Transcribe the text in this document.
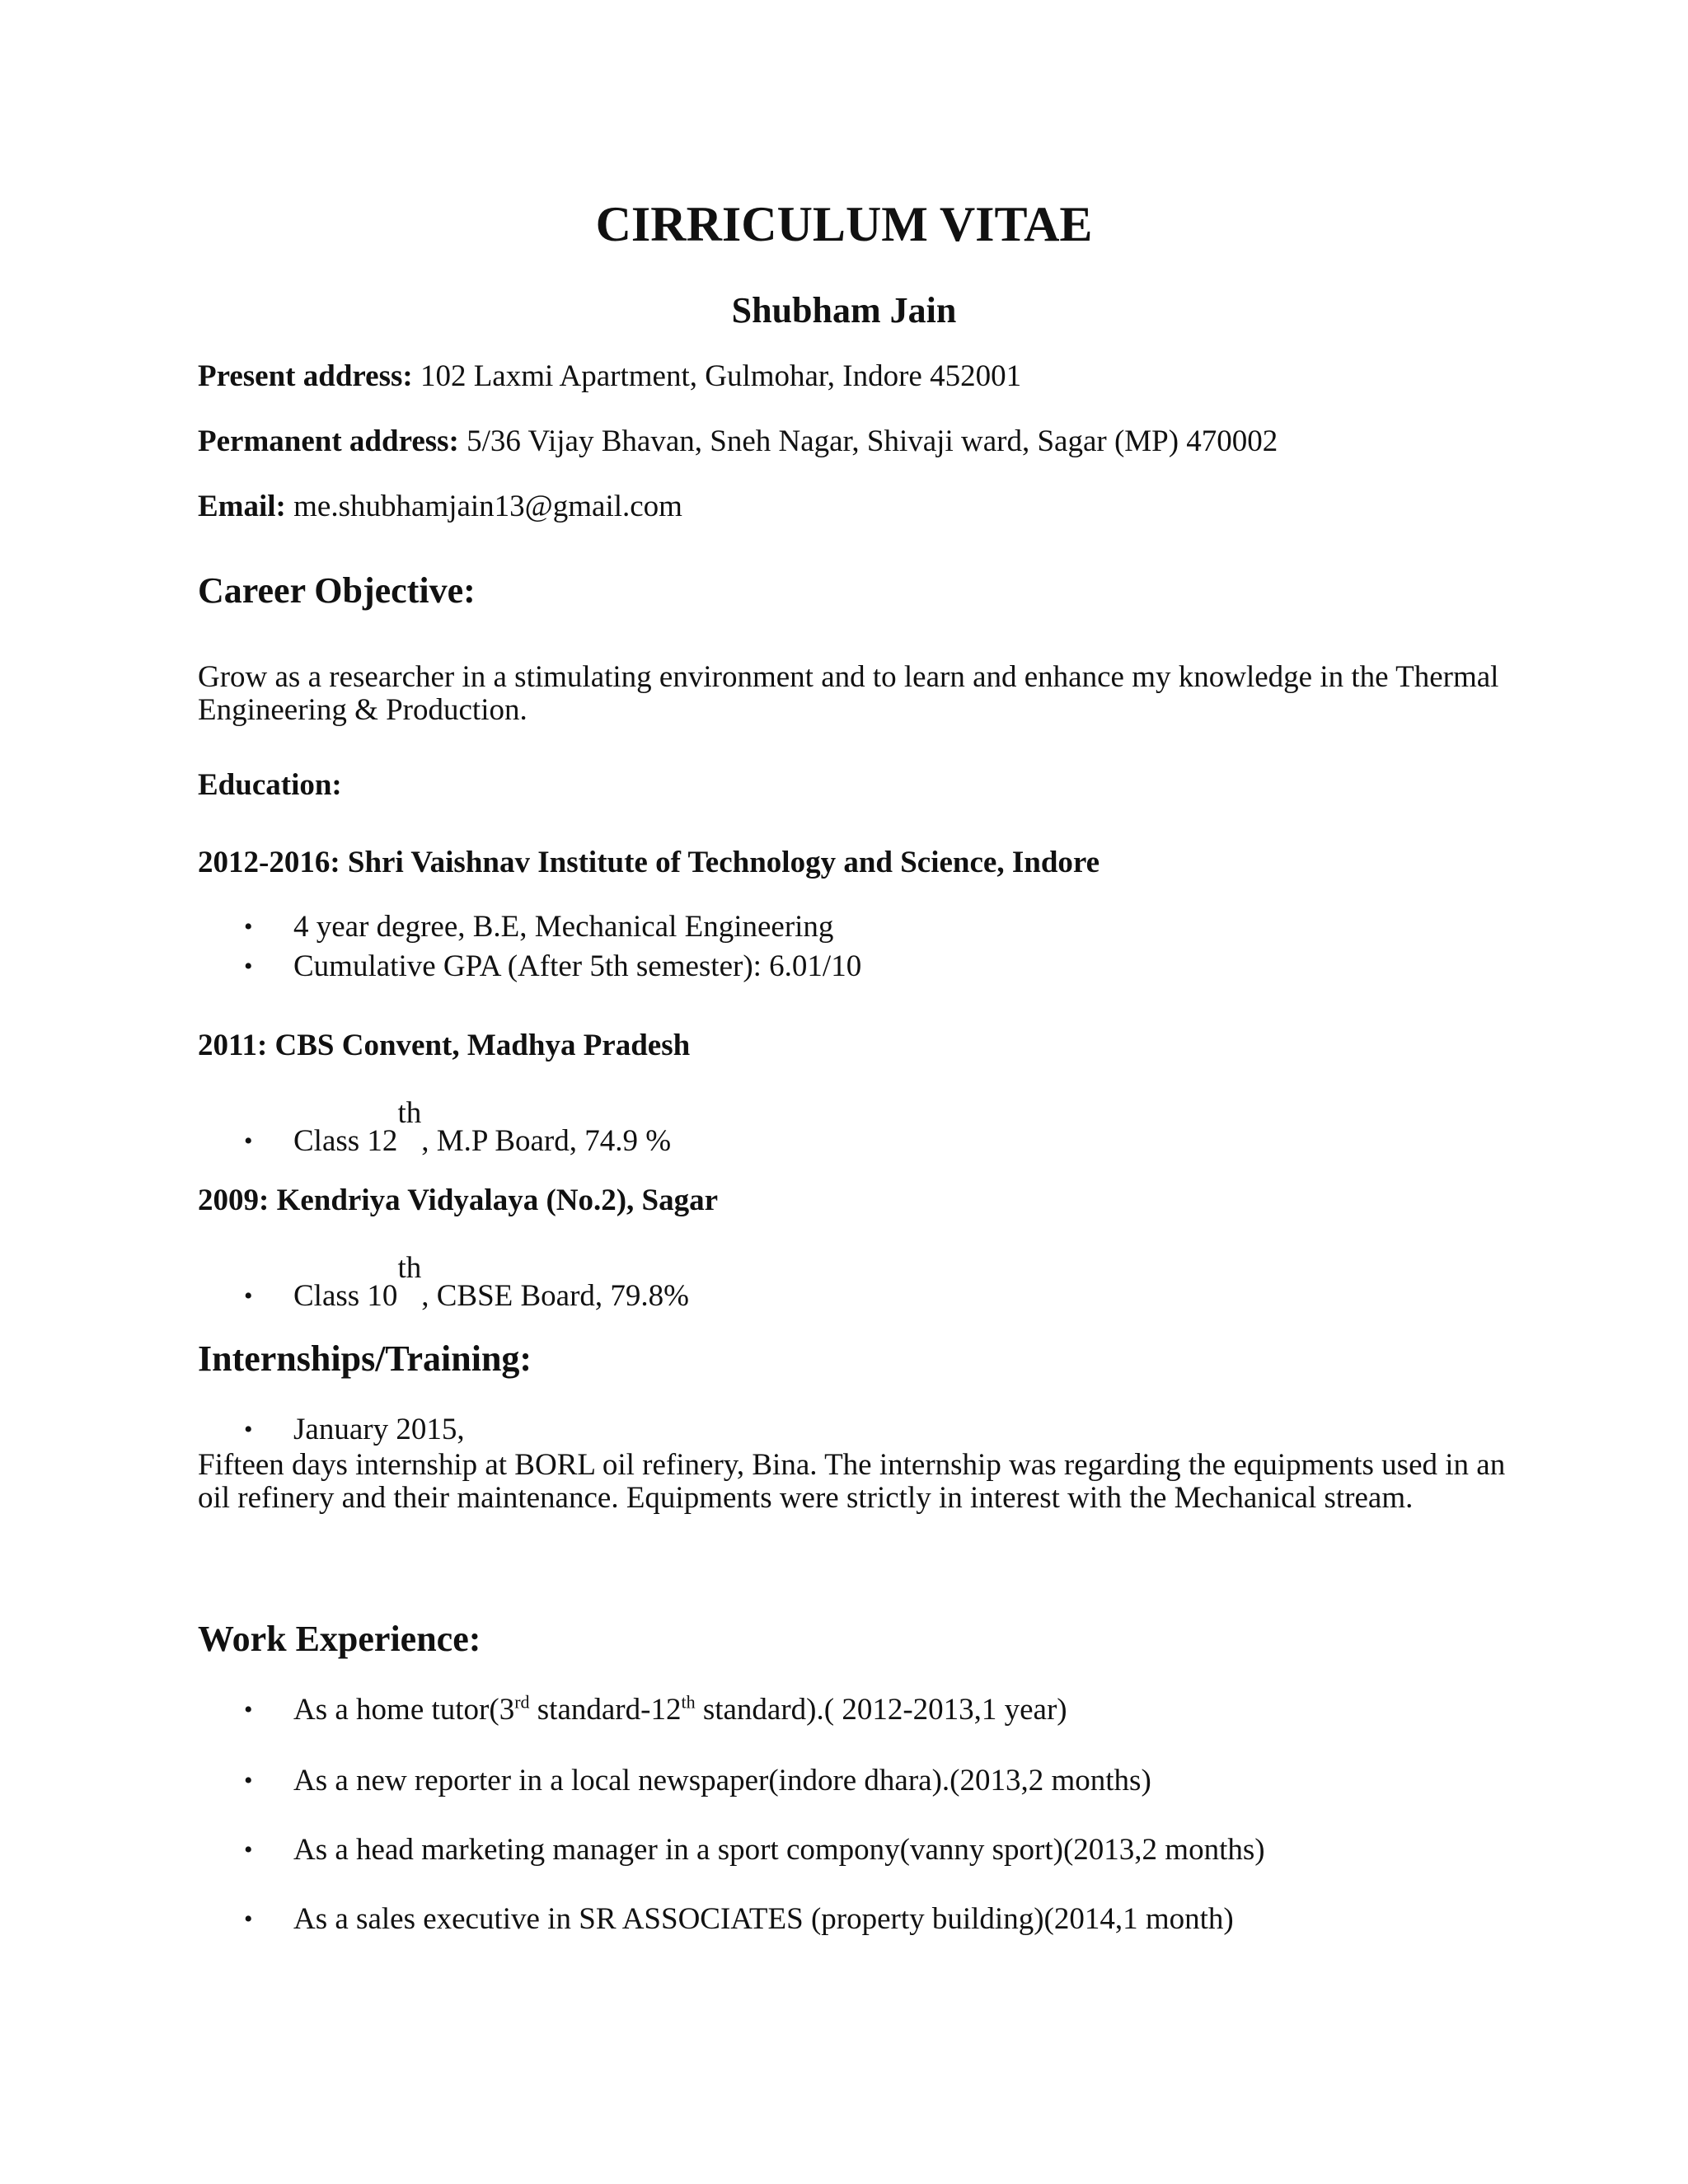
CIRRICULUM VITAE
Shubham Jain
Present address: 102 Laxmi Apartment, Gulmohar, Indore 452001
Permanent address: 5/36 Vijay Bhavan, Sneh Nagar, Shivaji ward, Sagar (MP) 470002
Email: me.shubhamjain13@gmail.com
Career Objective:
Grow as a researcher in a stimulating environment and to learn and enhance my knowledge in the Thermal Engineering & Production.
Education:
2012-2016: Shri Vaishnav Institute of Technology and Science, Indore
• 4 year degree, B.E, Mechanical Engineering
• Cumulative GPA (After 5th semester): 6.01/10
2011: CBS Convent, Madhya Pradesh
• Class 12th, M.P Board, 74.9 %
2009: Kendriya Vidyalaya (No.2), Sagar
• Class 10th, CBSE Board, 79.8%
Internships/Training:
• January 2015,
Fifteen days internship at BORL oil refinery, Bina. The internship was regarding the equipments used in an oil refinery and their maintenance. Equipments were strictly in interest with the Mechanical stream.
Work Experience:
• As a home tutor(3rd standard-12th standard).( 2012-2013,1 year)
• As a new reporter in a local newspaper(indore dhara).(2013,2 months)
• As a head marketing manager in a sport compony(vanny sport)(2013,2 months)
• As a sales executive in SR ASSOCIATES (property building)(2014,1 month)
